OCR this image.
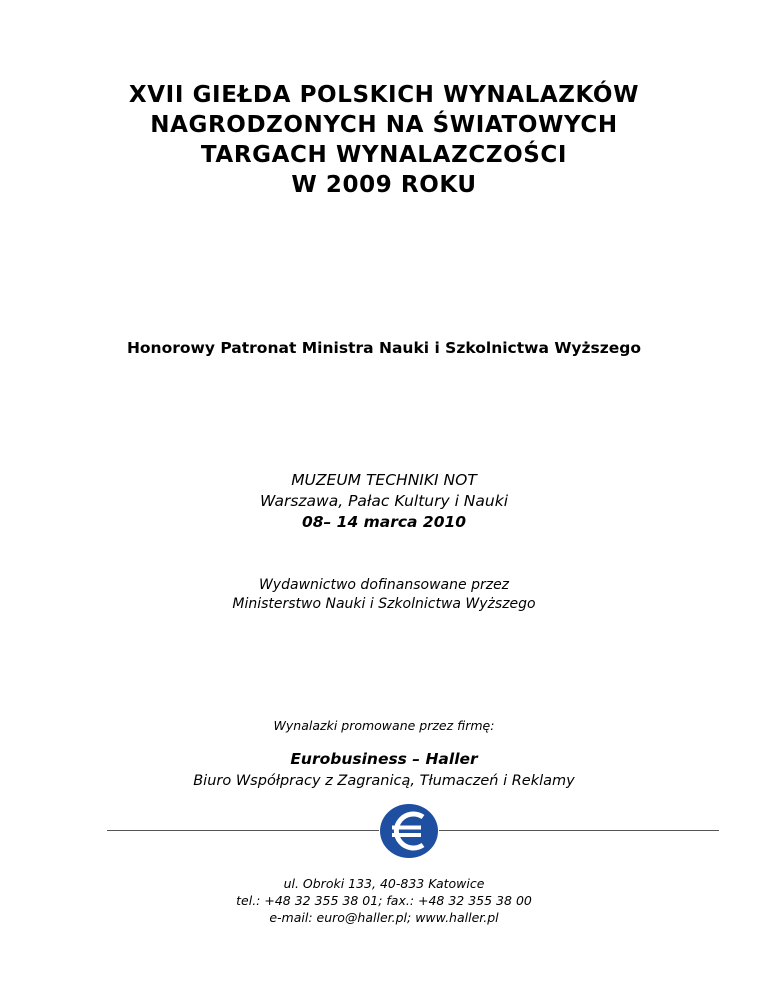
XVII GIEŁDA POLSKICH WYNALAZKÓW
NAGRODZONYCH NA ŚWIATOWYCH
TARGACH WYNALAZCZOŚCI
W 2009 ROKU
Honorowy Patronat Ministra Nauki i Szkolnictwa Wyższego
MUZEUM TECHNIKI NOT
Warszawa, Pałac Kultury i Nauki
08– 14 marca 2010
Wydawnictwo dofinansowane przez
Ministerstwo Nauki i Szkolnictwa Wyższego
Wynalazki promowane przez firmę:
Eurobusiness – Haller
Biuro Współpracy z Zagranicą, Tłumaczeń i Reklamy
ul. Obroki 133, 40-833 Katowice
tel.: +48 32 355 38 01; fax.: +48 32 355 38 00
e-mail: euro@haller.pl; www.haller.pl
